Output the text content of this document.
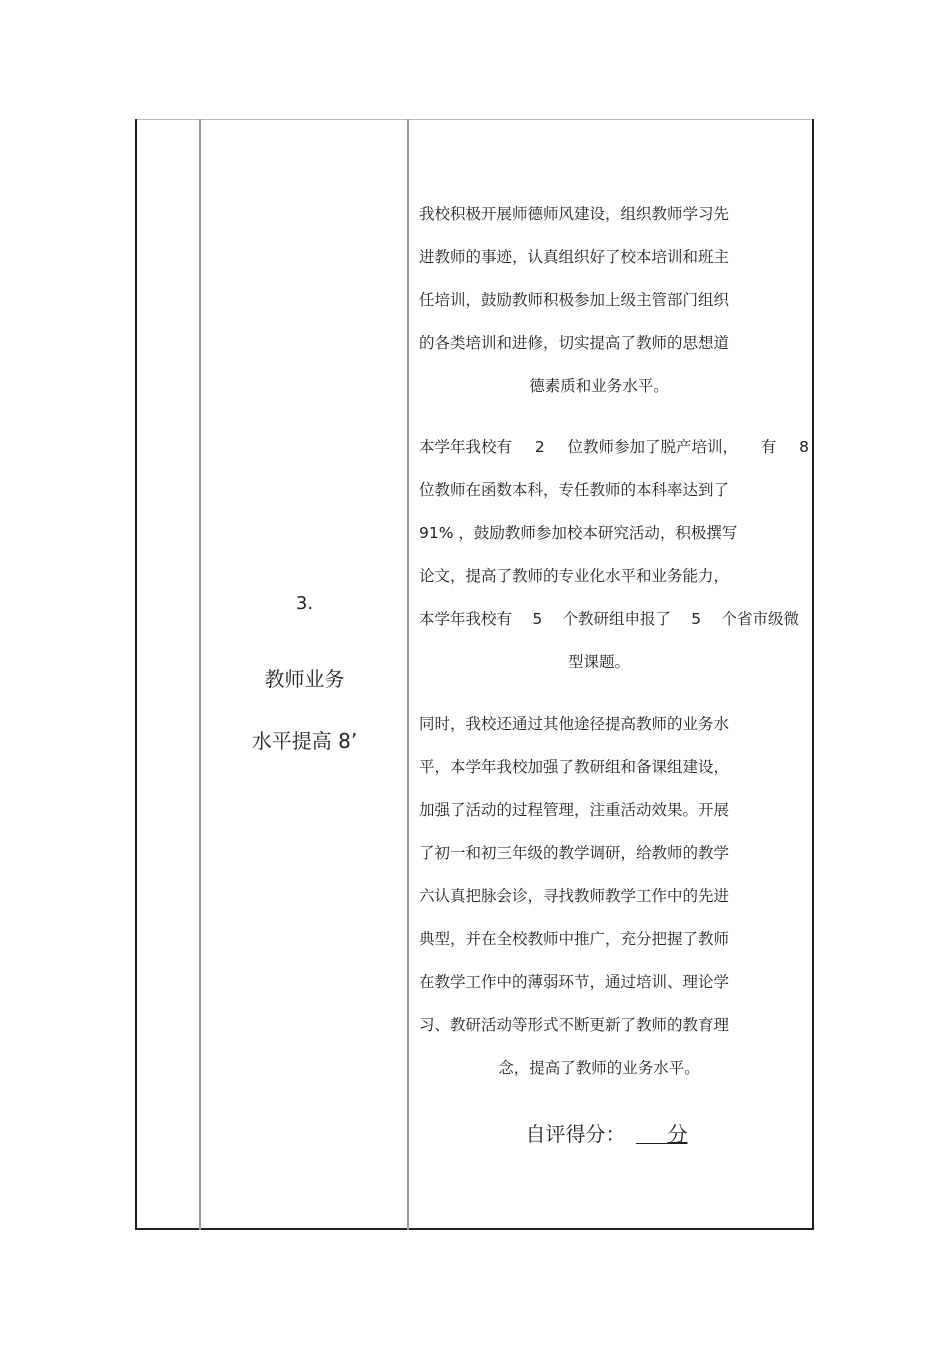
3.
教师业务
水平提高 8’
我校积极开展师德师风建设，组织教师学习先
进教师的事迹，认真组织好了校本培训和班主
任培训，鼓励教师积极参加上级主管部门组织
的各类培训和进修，切实提高了教师的思想道
德素质和业务水平。
本学年我校有 2 位教师参加了脱产培训， 有 8
位教师在函数本科，专任教师的本科率达到了
91% ，鼓励教师参加校本研究活动，积极撰写
论文，提高了教师的专业化水平和业务能力，
本学年我校有 5 个教研组申报了 5 个省市级微
型课题。
同时，我校还通过其他途径提高教师的业务水
平，本学年我校加强了教研组和备课组建设，
加强了活动的过程管理，注重活动效果。开展
了初一和初三年级的教学调研，给教师的教学
六认真把脉会诊，寻找教师教学工作中的先进
典型，并在全校教师中推广，充分把握了教师
在教学工作中的薄弱环节，通过培训、理论学
习、教研活动等形式不断更新了教师的教育理
念，提高了教师的业务水平。
自评得分： 分
